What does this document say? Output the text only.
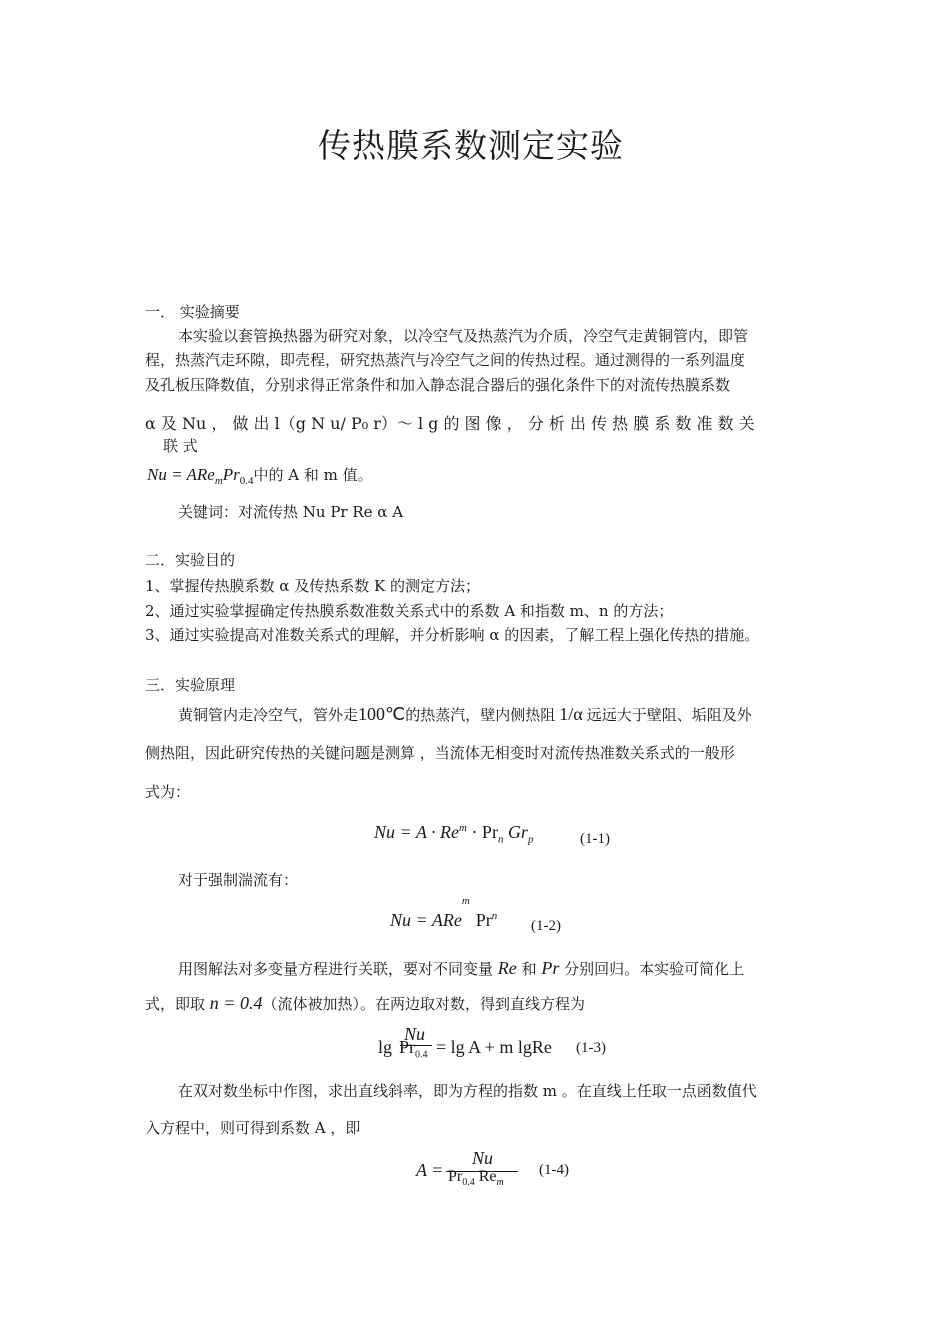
传热膜系数测定实验
一． 实验摘要
本实验以套管换热器为研究对象，以冷空气及热蒸汽为介质，冷空气走黄铜管内，即管
程，热蒸汽走环隙，即壳程，研究热蒸汽与冷空气之间的传热过程。通过测得的一系列温度
及孔板压降数值，分别求得正常条件和加入静态混合器后的强化条件下的对流传热膜系数
α 及 Nu ， 做 出 l（g N u/ P₀ r）～ l g 的 图 像 ， 分 析 出 传 热 膜 系 数 准 数 关
联 式
$Nu = ARe_mPr_{0.4}$中的 A 和 m 值。
关键词：对流传热 Nu Pr Re α A
二．实验目的
1、掌握传热膜系数 α 及传热系数 K 的测定方法；
2、通过实验掌握确定传热膜系数准数关系式中的系数 A 和指数 m、n 的方法；
3、通过实验提高对准数关系式的理解，并分析影响 α 的因素，了解工程上强化传热的措施。
三．实验原理
黄铜管内走冷空气，管外走100℃的热蒸汽，壁内侧热阻 1/α 远远大于壁阻、垢阻及外
侧热阻，因此研究传热的关键问题是测算 ，当流体无相变时对流传热准数关系式的一般形
式为：
$Nu = A \cdot Re^m \cdot Pr_n$ $Gr_p$	(1-1)
对于强制湍流有：
$Nu = ARe^mPr^n$
(1-2)
用图解法对多变量方程进行关联，要对不同变量 Re 和 Pr 分别回归。本实验可简化上
式，即取 n = 0.4（流体被加热）。在两边取对数，得到直线方程为
lg
Nu
$Pr_{0.4} = \lg A + m$ lgRe (1-3)
在双对数坐标中作图，求出直线斜率，即为方程的指数 m 。在直线上任取一点函数值代
入方程中，则可得到系数 A ，即
A =
Nu
$Pr_{0.4}$ $Re_m$
(1-4)
